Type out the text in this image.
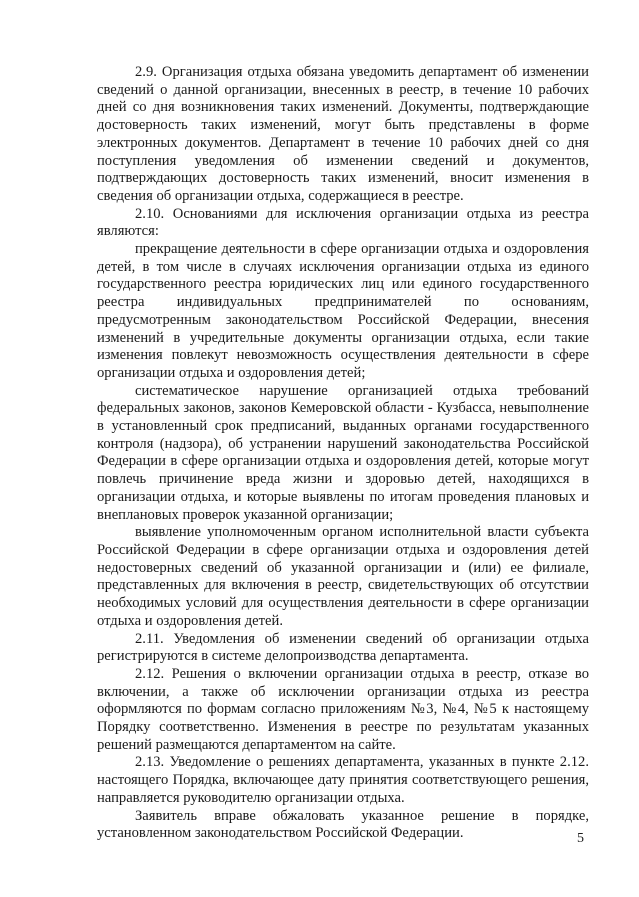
2.9. Организация отдыха обязана уведомить департамент об изменении сведений о данной организации, внесенных в реестр, в течение 10 рабочих дней со дня возникновения таких изменений. Документы, подтверждающие достоверность таких изменений, могут быть представлены в форме электронных документов. Департамент в течение 10 рабочих дней со дня поступления уведомления об изменении сведений и документов, подтверждающих достоверность таких изменений, вносит изменения в сведения об организации отдыха, содержащиеся в реестре.

2.10. Основаниями для исключения организации отдыха из реестра являются:

прекращение деятельности в сфере организации отдыха и оздоровления детей, в том числе в случаях исключения организации отдыха из единого государственного реестра юридических лиц или единого государственного реестра индивидуальных предпринимателей по основаниям, предусмотренным законодательством Российской Федерации, внесения изменений в учредительные документы организации отдыха, если такие изменения повлекут невозможность осуществления деятельности в сфере организации отдыха и оздоровления детей;

систематическое нарушение организацией отдыха требований федеральных законов, законов Кемеровской области - Кузбасса, невыполнение в установленный срок предписаний, выданных органами государственного контроля (надзора), об устранении нарушений законодательства Российской Федерации в сфере организации отдыха и оздоровления детей, которые могут повлечь причинение вреда жизни и здоровью детей, находящихся в организации отдыха, и которые выявлены по итогам проведения плановых и внеплановых проверок указанной организации;

выявление уполномоченным органом исполнительной власти субъекта Российской Федерации в сфере организации отдыха и оздоровления детей недостоверных сведений об указанной организации и (или) ее филиале, представленных для включения в реестр, свидетельствующих об отсутствии необходимых условий для осуществления деятельности в сфере организации отдыха и оздоровления детей.

2.11. Уведомления об изменении сведений об организации отдыха регистрируются в системе делопроизводства департамента.

2.12. Решения о включении организации отдыха в реестр, отказе во включении, а также об исключении организации отдыха из реестра оформляются по формам согласно приложениям №3, №4, №5 к настоящему Порядку соответственно. Изменения в реестре по результатам указанных решений размещаются департаментом на сайте.

2.13. Уведомление о решениях департамента, указанных в пункте 2.12. настоящего Порядка, включающее дату принятия соответствующего решения, направляется руководителю организации отдыха.

Заявитель вправе обжаловать указанное решение в порядке, установленном законодательством Российской Федерации.	5
